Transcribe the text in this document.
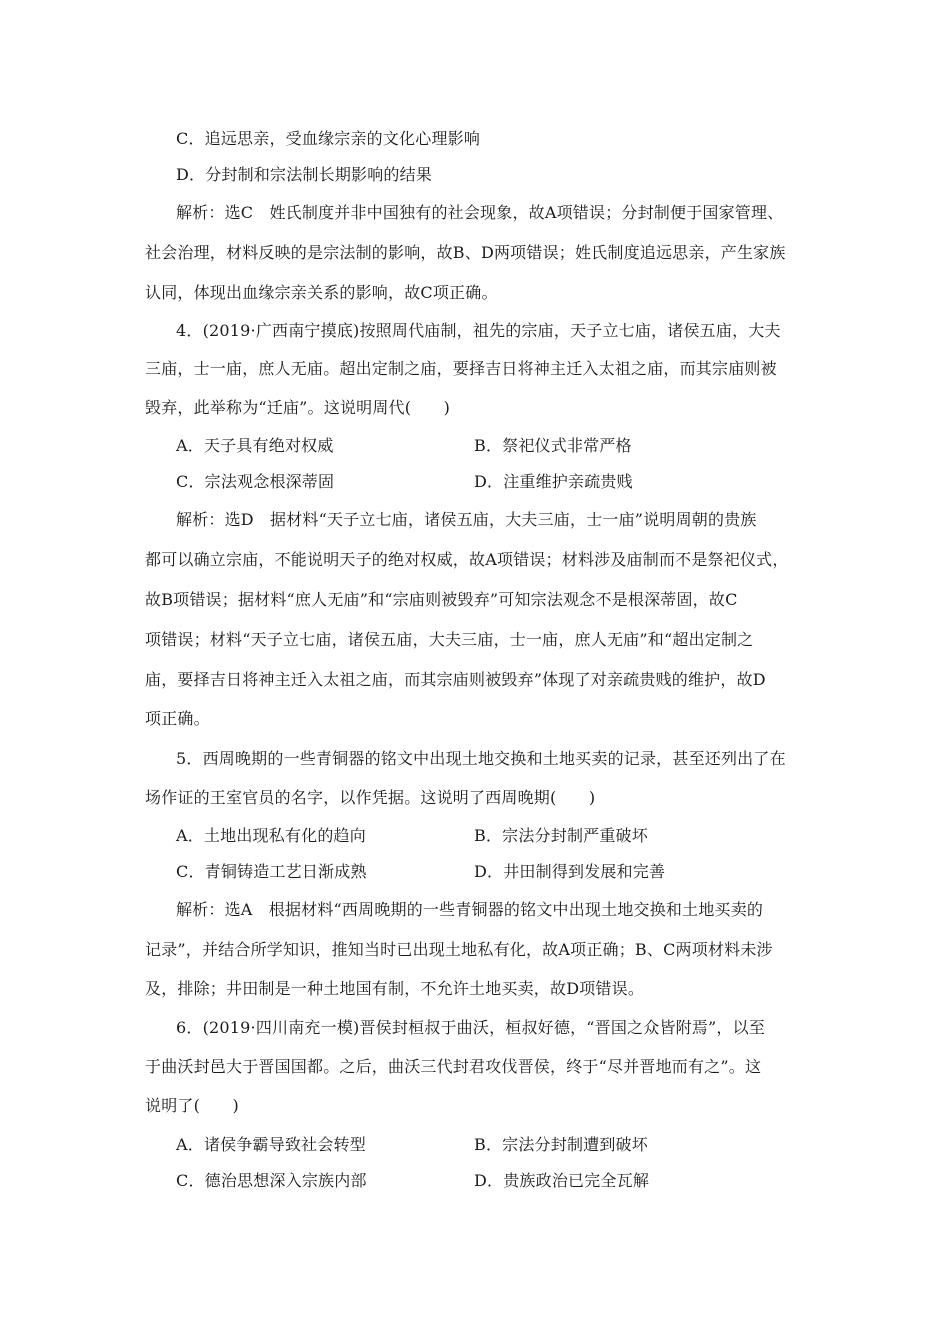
C．追远思亲，受血缘宗亲的文化心理影响
D．分封制和宗法制长期影响的结果
解析：选C　姓氏制度并非中国独有的社会现象，故A项错误；分封制便于国家管理、
社会治理，材料反映的是宗法制的影响，故B、D两项错误；姓氏制度追远思亲，产生家族
认同，体现出血缘宗亲关系的影响，故C项正确。
4．(2019·广西南宁摸底)按照周代庙制，祖先的宗庙，天子立七庙，诸侯五庙，大夫
三庙，士一庙，庶人无庙。超出定制之庙，要择吉日将神主迁入太祖之庙，而其宗庙则被
毁弃，此举称为“迁庙”。这说明周代(　　)
A．天子具有绝对权威	B．祭祀仪式非常严格
C．宗法观念根深蒂固	D．注重维护亲疏贵贱
解析：选D　据材料“天子立七庙，诸侯五庙，大夫三庙，士一庙”说明周朝的贵族
都可以确立宗庙，不能说明天子的绝对权威，故A项错误；材料涉及庙制而不是祭祀仪式，
故B项错误；据材料“庶人无庙”和“宗庙则被毁弃”可知宗法观念不是根深蒂固，故C
项错误；材料“天子立七庙，诸侯五庙，大夫三庙，士一庙，庶人无庙”和“超出定制之
庙，要择吉日将神主迁入太祖之庙，而其宗庙则被毁弃”体现了对亲疏贵贱的维护，故D
项正确。
5．西周晚期的一些青铜器的铭文中出现土地交换和土地买卖的记录，甚至还列出了在
场作证的王室官员的名字，以作凭据。这说明了西周晚期(　　)
A．土地出现私有化的趋向	B．宗法分封制严重破坏
C．青铜铸造工艺日渐成熟	D．井田制得到发展和完善
解析：选A　根据材料“西周晚期的一些青铜器的铭文中出现土地交换和土地买卖的
记录”，并结合所学知识，推知当时已出现土地私有化，故A项正确；B、C两项材料未涉
及，排除；井田制是一种土地国有制，不允许土地买卖，故D项错误。
6．(2019·四川南充一模)晋侯封桓叔于曲沃，桓叔好德，“晋国之众皆附焉”，以至
于曲沃封邑大于晋国国都。之后，曲沃三代封君攻伐晋侯，终于“尽并晋地而有之”。这
说明了(　　)
A．诸侯争霸导致社会转型	B．宗法分封制遭到破坏
C．德治思想深入宗族内部	D．贵族政治已完全瓦解
